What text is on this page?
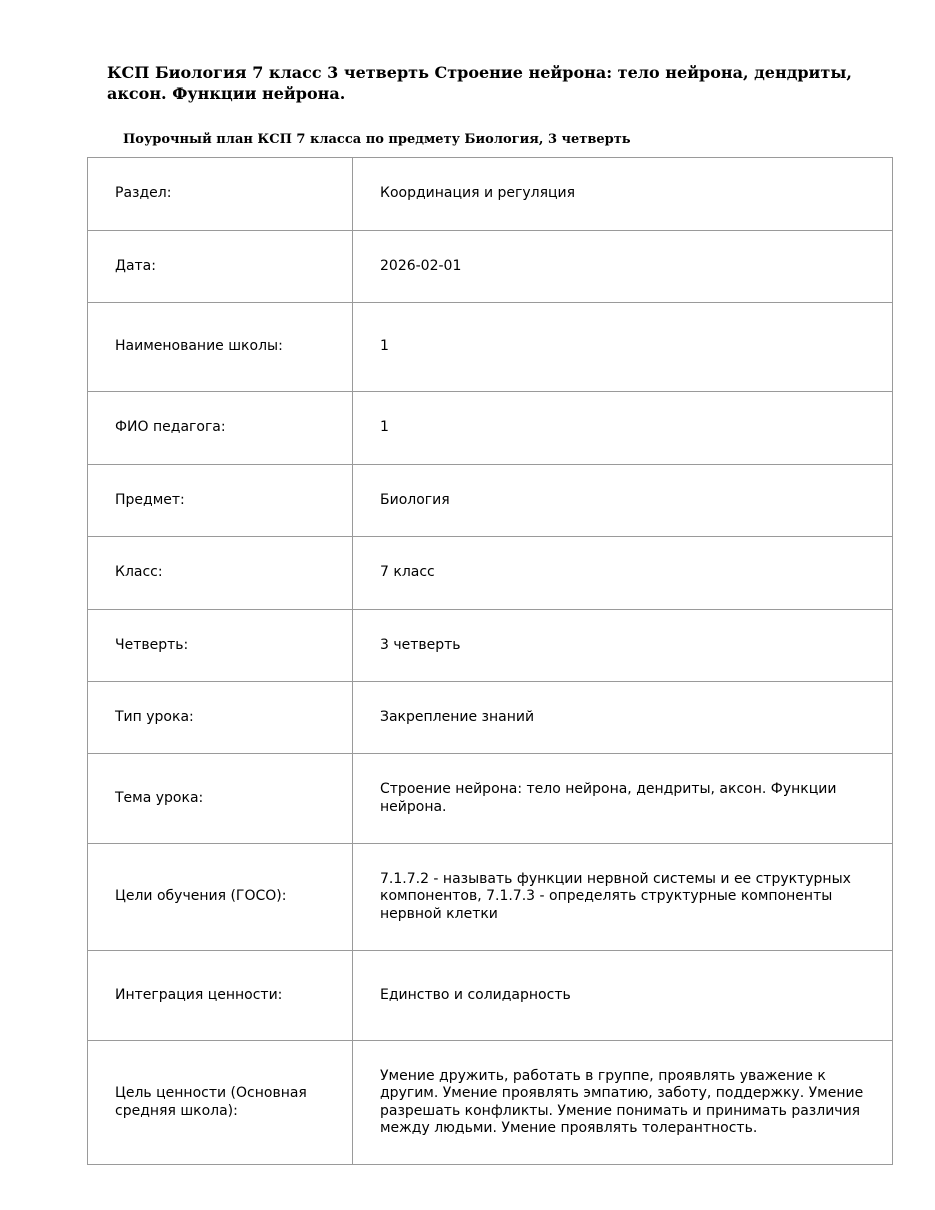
КСП Биология 7 класс 3 четверть Строение нейрона: тело нейрона, дендриты, аксон. Функции нейрона.

Поурочный план КСП 7 класса по предмету Биология, 3 четверть

Раздел:	Координация и регуляция
Дата:	2026-02-01
Наименование школы:	1
ФИО педагога:	1
Предмет:	Биология
Класс:	7 класс
Четверть:	3 четверть
Тип урока:	Закрепление знаний
Тема урока:	Строение нейрона: тело нейрона, дендриты, аксон. Функции нейрона.
Цели обучения (ГОСО):	7.1.7.2 - называть функции нервной системы и ее структурных компонентов, 7.1.7.3 - определять структурные компоненты нервной клетки
Интеграция ценности:	Единство и солидарность
Цель ценности (Основная средняя школа):	Умение дружить, работать в группе, проявлять уважение к другим. Умение проявлять эмпатию, заботу, поддержку. Умение разрешать конфликты. Умение понимать и принимать различия между людьми. Умение проявлять толерантность.
